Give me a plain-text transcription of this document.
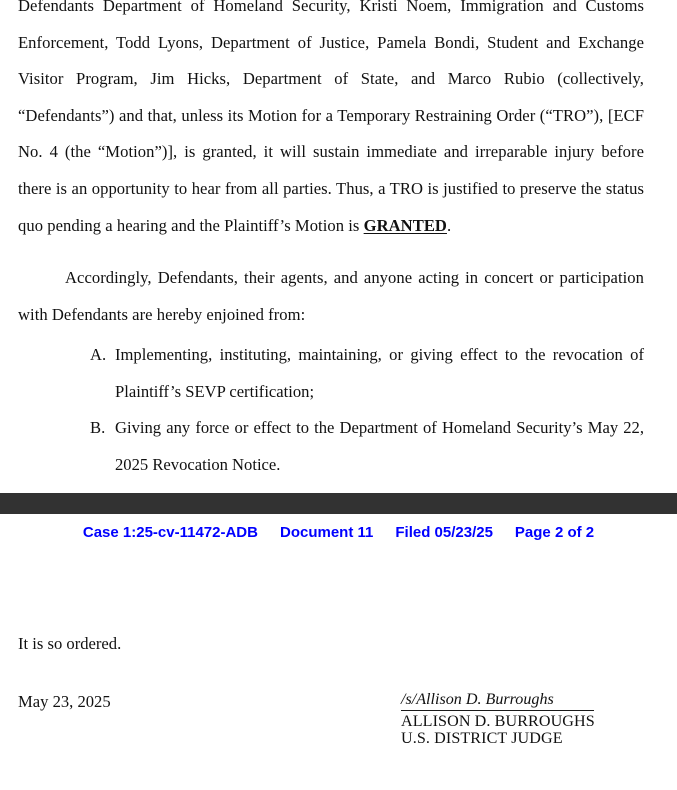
Defendants Department of Homeland Security, Kristi Noem, Immigration and Customs Enforcement, Todd Lyons, Department of Justice, Pamela Bondi, Student and Exchange Visitor Program, Jim Hicks, Department of State, and Marco Rubio (collectively, “Defendants”) and that, unless its Motion for a Temporary Restraining Order (“TRO”), [ECF No. 4 (the “Motion”)], is granted, it will sustain immediate and irreparable injury before there is an opportunity to hear from all parties. Thus, a TRO is justified to preserve the status quo pending a hearing and the Plaintiff’s Motion is GRANTED.

Accordingly, Defendants, their agents, and anyone acting in concert or participation with Defendants are hereby enjoined from:

A. Implementing, instituting, maintaining, or giving effect to the revocation of Plaintiff’s SEVP certification;
B. Giving any force or effect to the Department of Homeland Security’s May 22, 2025 Revocation Notice.
Case 1:25-cv-11472-ADB Document 11 Filed 05/23/25 Page 2 of 2
It is so ordered.
May 23, 2025	/s/Allison D. Burroughs
ALLISON D. BURROUGHS
U.S. DISTRICT JUDGE
